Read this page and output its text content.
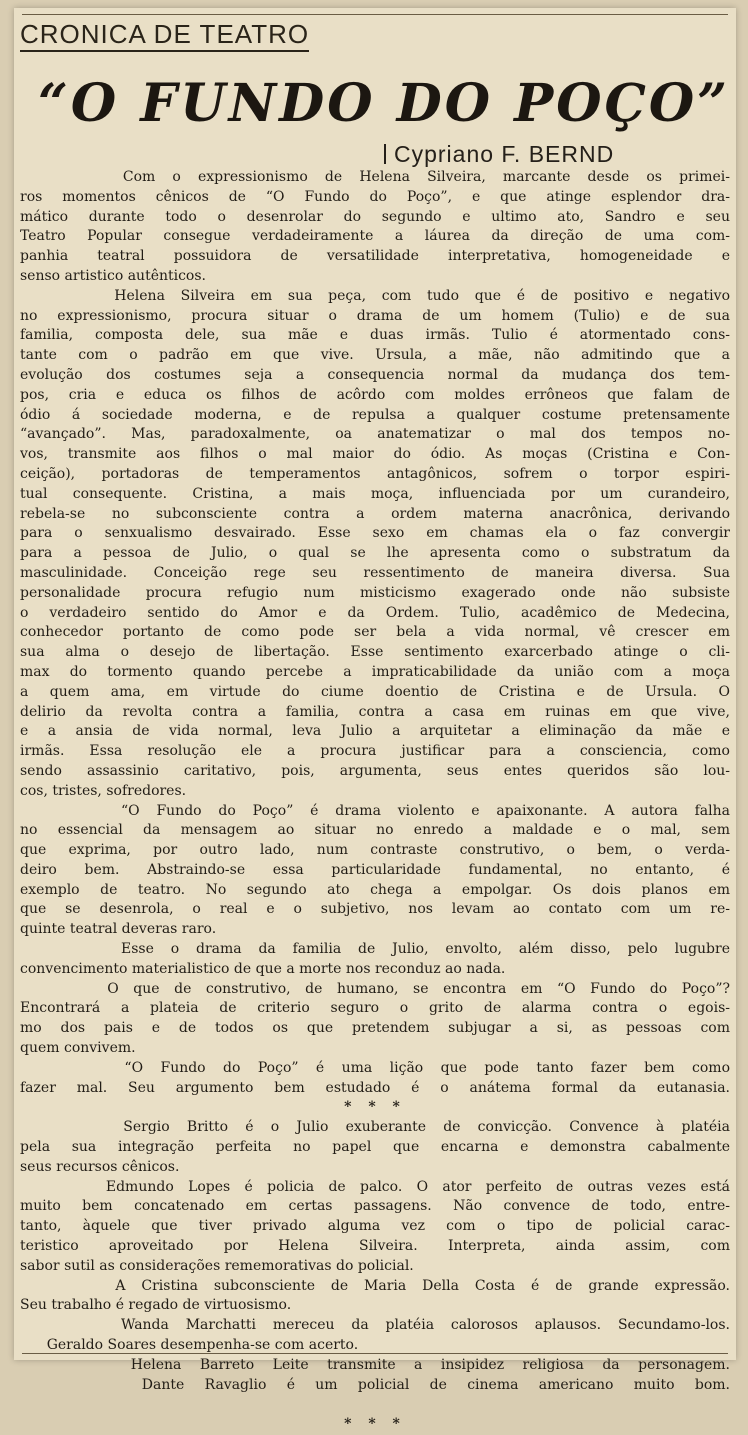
CRONICA DE TEATRO
“O FUNDO DO POÇO”
Cypriano F. BERND
Com o expressionismo de Helena Silveira, marcante desde os primei-
ros momentos cênicos de “O Fundo do Poço”, e que atinge esplendor dra-
mático durante todo o desenrolar do segundo e ultimo ato, Sandro e seu
Teatro Popular consegue verdadeiramente a láurea da direção de uma com-
panhia teatral possuidora de versatilidade interpretativa, homogeneidade e
senso artistico autênticos.
Helena Silveira em sua peça, com tudo que é de positivo e negativo
no expressionismo, procura situar o drama de um homem (Tulio) e de sua
familia, composta dele, sua mãe e duas irmãs. Tulio é atormentado cons-
tante com o padrão em que vive. Ursula, a mãe, não admitindo que a
evolução dos costumes seja a consequencia normal da mudança dos tem-
pos, cria e educa os filhos de acôrdo com moldes errôneos que falam de
ódio á sociedade moderna, e de repulsa a qualquer costume pretensamente
“avançado”. Mas, paradoxalmente, oa anatematizar o mal dos tempos no-
vos, transmite aos filhos o mal maior do ódio. As moças (Cristina e Con-
ceição), portadoras de temperamentos antagônicos, sofrem o torpor espiri-
tual consequente. Cristina, a mais moça, influenciada por um curandeiro,
rebela-se no subconsciente contra a ordem materna anacrônica, derivando
para o senxualismo desvairado. Esse sexo em chamas ela o faz convergir
para a pessoa de Julio, o qual se lhe apresenta como o substratum da
masculinidade. Conceição rege seu ressentimento de maneira diversa. Sua
personalidade procura refugio num misticismo exagerado onde não subsiste
o verdadeiro sentido do Amor e da Ordem. Tulio, acadêmico de Medecina,
conhecedor portanto de como pode ser bela a vida normal, vê crescer em
sua alma o desejo de libertação. Esse sentimento exarcerbado atinge o cli-
max do tormento quando percebe a impraticabilidade da união com a moça
a quem ama, em virtude do ciume doentio de Cristina e de Ursula. O
delirio da revolta contra a familia, contra a casa em ruinas em que vive,
e a ansia de vida normal, leva Julio a arquitetar a eliminação da mãe e
irmãs. Essa resolução ele a procura justificar para a consciencia, como
sendo assassinio caritativo, pois, argumenta, seus entes queridos são lou-
cos, tristes, sofredores.
“O Fundo do Poço” é drama violento e apaixonante. A autora falha
no essencial da mensagem ao situar no enredo a maldade e o mal, sem
que exprima, por outro lado, num contraste construtivo, o bem, o verda-
deiro bem. Abstraindo-se essa particularidade fundamental, no entanto, é
exemplo de teatro. No segundo ato chega a empolgar. Os dois planos em
que se desenrola, o real e o subjetivo, nos levam ao contato com um re-
quinte teatral deveras raro.
Esse o drama da familia de Julio, envolto, além disso, pelo lugubre
convencimento materialistico de que a morte nos reconduz ao nada.
O que de construtivo, de humano, se encontra em “O Fundo do Poço”?
Encontrará a plateia de criterio seguro o grito de alarma contra o egois-
mo dos pais e de todos os que pretendem subjugar a si, as pessoas com
quem convivem.
“O Fundo do Poço” é uma lição que pode tanto fazer bem como
fazer mal. Seu argumento bem estudado é o anátema formal da eutanasia.
* * *
Sergio Britto é o Julio exuberante de convicção. Convence à platéia
pela sua integração perfeita no papel que encarna e demonstra cabalmente
seus recursos cênicos.
Edmundo Lopes é policia de palco. O ator perfeito de outras vezes está
muito bem concatenado em certas passagens. Não convence de todo, entre-
tanto, àquele que tiver privado alguma vez com o tipo de policial carac-
teristico aproveitado por Helena Silveira. Interpreta, ainda assim, com
sabor sutil as considerações rememorativas do policial.
A Cristina subconsciente de Maria Della Costa é de grande expressão.
Seu trabalho é regado de virtuosismo.
Wanda Marchatti mereceu da platéia calorosos aplausos. Secundamo-los.
Geraldo Soares desempenha-se com acerto.
Helena Barreto Leite transmite a insipidez religiosa da personagem.
Dante Ravaglio é um policial de cinema americano muito bom.
* * *
